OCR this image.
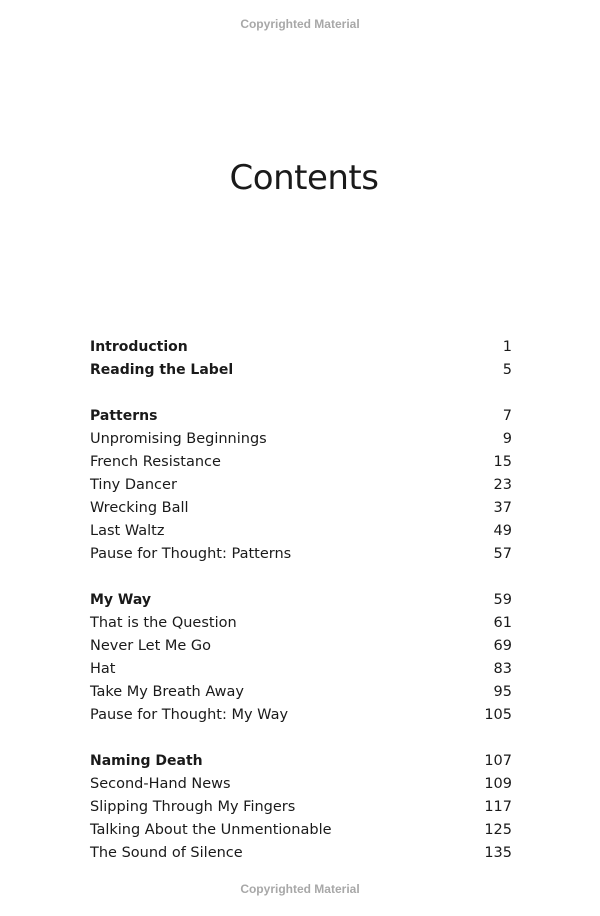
Copyrighted Material
Contents
Introduction	1
Reading the Label	5
Patterns	7
Unpromising Beginnings	9
French Resistance	15
Tiny Dancer	23
Wrecking Ball	37
Last Waltz	49
Pause for Thought: Patterns	57
My Way	59
That is the Question	61
Never Let Me Go	69
Hat	83
Take My Breath Away	95
Pause for Thought: My Way	105
Naming Death	107
Second-Hand News	109
Slipping Through My Fingers	117
Talking About the Unmentionable	125
The Sound of Silence	135
Copyrighted Material
